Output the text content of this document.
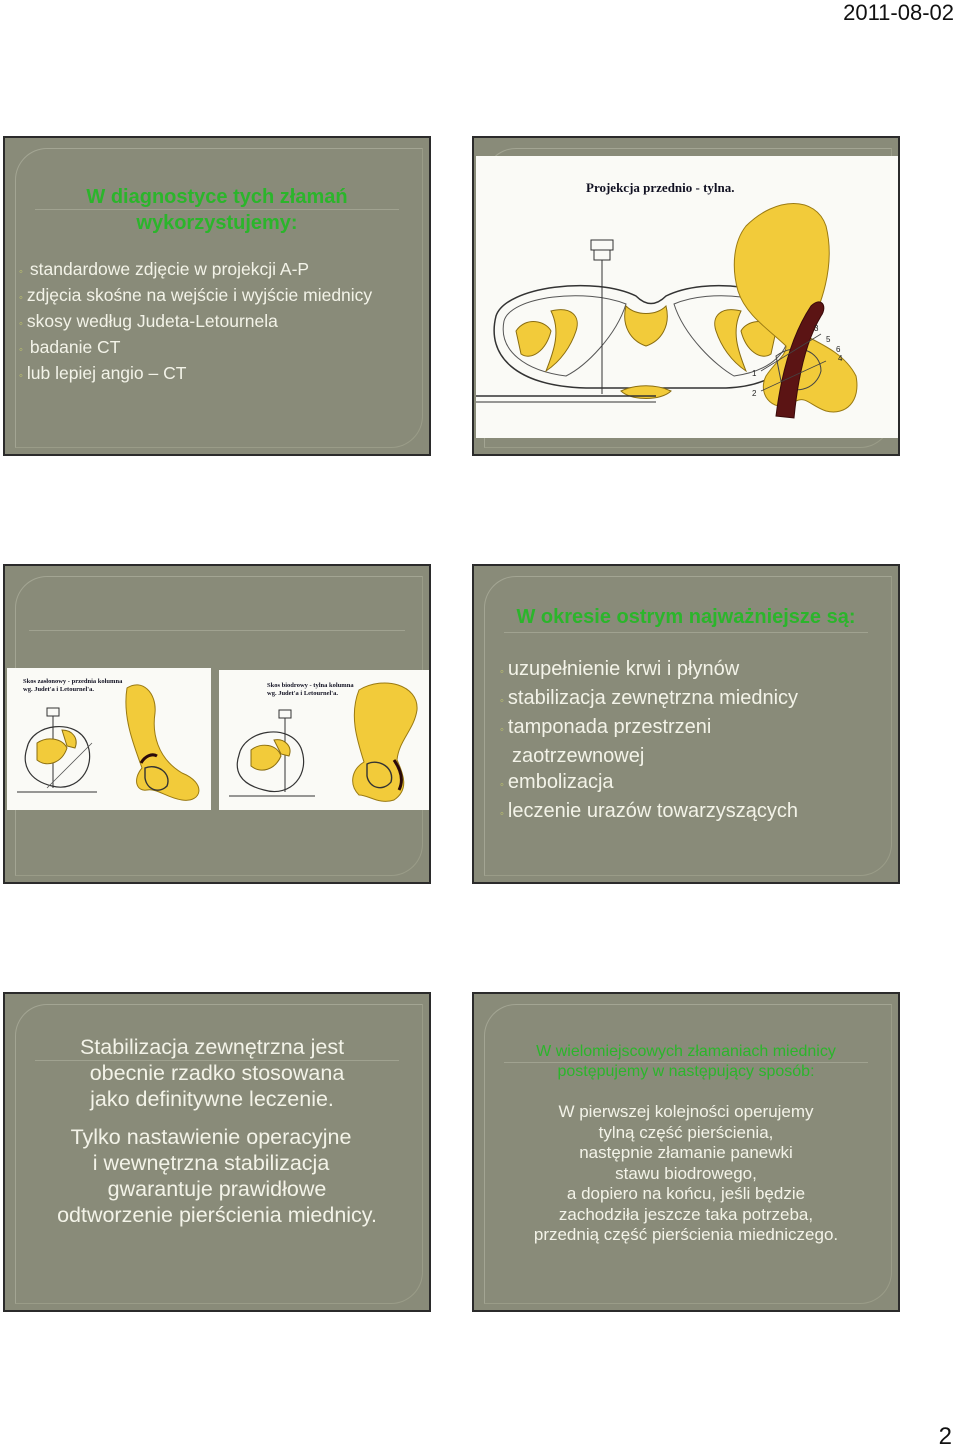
2011-08-02
W diagnostyce tych złamań
wykorzystujemy:
◦ standardowe zdjęcie w projekcji A-P
◦ zdjęcia skośne na wejście i wyjście miednicy
◦ skosy według Judeta-Letournela
◦ badanie CT
◦ lub lepiej angio – CT
Projekcja przednio - tylna.
1
2
3
4
5
6
Skos zasłonowy - przednia kolumna
wg. Judet'a i Letournel'a.
Skos biodrowy - tylna kolumna
wg. Judet'a i Letournel'a.
W okresie ostrym najważniejsze są:
◦ uzupełnienie krwi i płynów
◦ stabilizacja zewnętrzna miednicy
◦ tamponada przestrzeni
zaotrzewnowej
◦ embolizacja
◦ leczenie urazów towarzyszących
Stabilizacja zewnętrzna jest
obecnie rzadko stosowana
jako definitywne leczenie.
Tylko nastawienie operacyjne
i wewnętrzna stabilizacja
gwarantuje prawidłowe
odtworzenie pierścienia miednicy.
W wielomiejscowych złamaniach miednicy
postępujemy w następujący sposób:
W pierwszej kolejności operujemy
tylną część pierścienia,
następnie złamanie panewki
stawu biodrowego,
a dopiero na końcu, jeśli będzie
zachodziła jeszcze taka potrzeba,
przednią część pierścienia miedniczego.
2
